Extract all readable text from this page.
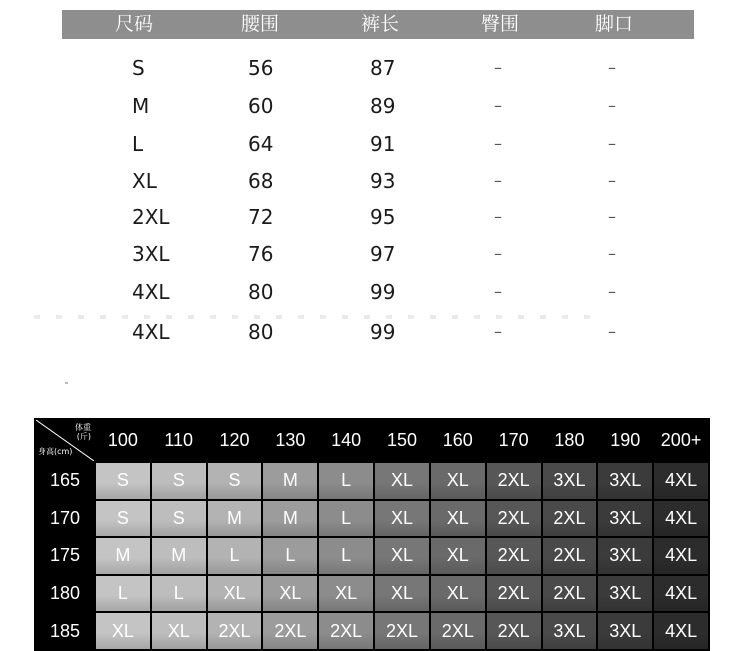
尺码	腰围	裤长	臀围	脚口
S	56	87	–	–
M	60	89	–	–
L	64	91	–	–
XL	68	93	–	–
2XL	72	95	–	–
3XL	76	97	–	–
4XL	80	99	–	–
4XL	80	99	–	–
体重
(斤)
身高(cm)
100	110	120	130	140	150	160	170	180	190	200+
165	S	S	S	M	L	XL	XL	2XL	3XL	3XL	4XL
170	S	S	M	M	L	XL	XL	2XL	2XL	3XL	4XL
175	M	M	L	L	L	XL	XL	2XL	2XL	3XL	4XL
180	L	L	XL	XL	XL	XL	XL	2XL	2XL	3XL	4XL
185	XL	XL	2XL	2XL	2XL	2XL	2XL	2XL	3XL	3XL	4XL
